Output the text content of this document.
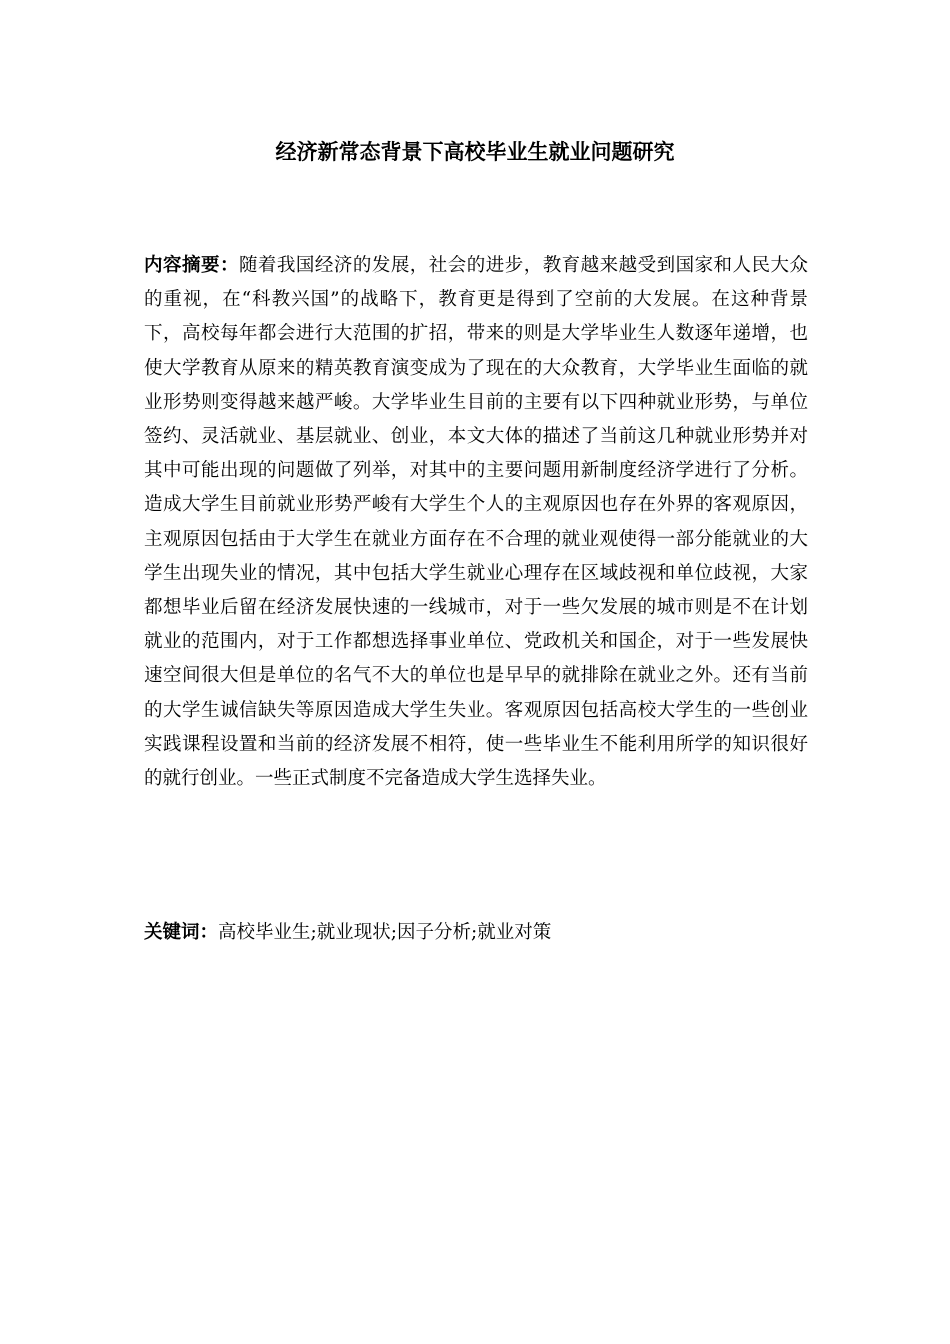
经济新常态背景下高校毕业生就业问题研究
内容摘要：随着我国经济的发展，社会的进步，教育越来越受到国家和人民大众的重视，在“科教兴国”的战略下，教育更是得到了空前的大发展。在这种背景下，高校每年都会进行大范围的扩招，带来的则是大学毕业生人数逐年递增，也使大学教育从原来的精英教育演变成为了现在的大众教育，大学毕业生面临的就业形势则变得越来越严峻。大学毕业生目前的主要有以下四种就业形势，与单位签约、灵活就业、基层就业、创业，本文大体的描述了当前这几种就业形势并对其中可能出现的问题做了列举，对其中的主要问题用新制度经济学进行了分析。造成大学生目前就业形势严峻有大学生个人的主观原因也存在外界的客观原因，主观原因包括由于大学生在就业方面存在不合理的就业观使得一部分能就业的大学生出现失业的情况，其中包括大学生就业心理存在区域歧视和单位歧视，大家都想毕业后留在经济发展快速的一线城市，对于一些欠发展的城市则是不在计划就业的范围内，对于工作都想选择事业单位、党政机关和国企，对于一些发展快速空间很大但是单位的名气不大的单位也是早早的就排除在就业之外。还有当前的大学生诚信缺失等原因造成大学生失业。客观原因包括高校大学生的一些创业实践课程设置和当前的经济发展不相符，使一些毕业生不能利用所学的知识很好的就行创业。一些正式制度不完备造成大学生选择失业。
关键词：高校毕业生;就业现状;因子分析;就业对策
